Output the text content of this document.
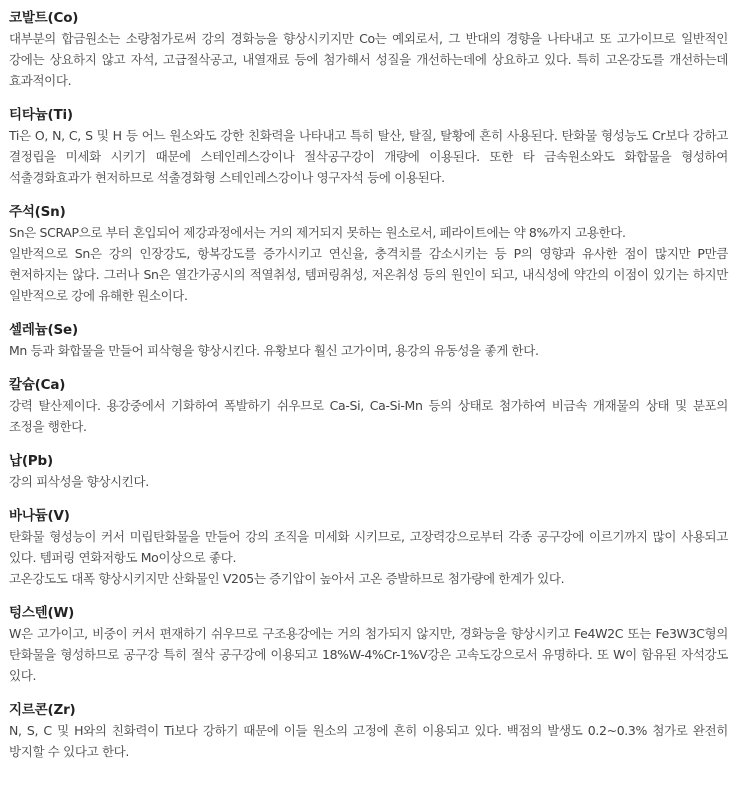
코발트(Co)

대부분의 합금원소는 소량첨가로써 강의 경화능을 향상시키지만 Co는 예외로서, 그 반대의 경향을 나타내고 또 고가이므로 일반적인 강에는 상요하지 않고 자석, 고급절삭공고, 내열재료 등에 첨가해서 성질을 개선하는데에 상요하고 있다. 특히 고온강도를 개선하는데 효과적이다.

티타늄(Ti)

Ti은 O, N, C, S 및 H 등 어느 원소와도 강한 친화력을 나타내고 특히 탈산, 탈질, 탈황에 흔히 사용된다. 탄화물 형성능도 Cr보다 강하고 결정립을 미세화 시키기 때문에 스테인레스강이나 절삭공구강이 개량에 이용된다. 또한 타 금속원소와도 화합물을 형성하여 석출경화효과가 현저하므로 석출경화형 스테인레스강이나 영구자석 등에 이용된다.

주석(Sn)

Sn은 SCRAP으로 부터 혼입되어 제강과정에서는 거의 제거되지 못하는 원소로서, 페라이트에는 약 8%까지 고용한다.

일반적으로 Sn은 강의 인장강도, 항복강도를 증가시키고 연신율, 충격치를 감소시키는 등 P의 영향과 유사한 점이 많지만 P만큼 현저하지는 않다. 그러나 Sn은 열간가공시의 적열취성, 템퍼링취성, 저온취성 등의 원인이 되고, 내식성에 약간의 이점이 있기는 하지만 일반적으로 강에 유해한 원소이다.

셀레늄(Se)

Mn 등과 화합물을 만들어 피삭형을 향상시킨다. 유황보다 훨신 고가이며, 용강의 유동성을 좋게 한다.

칼슘(Ca)

강력 탈산제이다. 용강중에서 기화하여 폭발하기 쉬우므로 Ca-Si, Ca-Si-Mn 등의 상태로 첨가하여 비금속 개재물의 상태 및 분포의 조정을 행한다.

납(Pb)

강의 피삭성을 향상시킨다.

바나듐(V)

탄화물 형성능이 커서 미립탄화물을 만들어 강의 조직을 미세화 시키므로, 고장력강으로부터 각종 공구강에 이르기까지 많이 사용되고 있다. 템퍼링 연화저항도 Mo이상으로 좋다.

고온강도도 대폭 향상시키지만 산화물인 V205는 증기압이 높아서 고온 증발하므로 첨가량에 한계가 있다.

텅스텐(W)

W은 고가이고, 비중이 커서 편재하기 쉬우므로 구조용강에는 거의 첨가되지 않지만, 경화능을 향상시키고 Fe4W2C 또는 Fe3W3C형의 탄화물을 형성하므로 공구강 특히 절삭 공구강에 이용되고 18%W-4%Cr-1%V강은 고속도강으로서 유명하다. 또 W이 함유된 자석강도 있다.

지르콘(Zr)

N, S, C 및 H와의 친화력이 Ti보다 강하기 때문에 이들 원소의 고정에 흔히 이용되고 있다. 백점의 발생도 0.2~0.3% 첨가로 완전히 방지할 수 있다고 한다.
